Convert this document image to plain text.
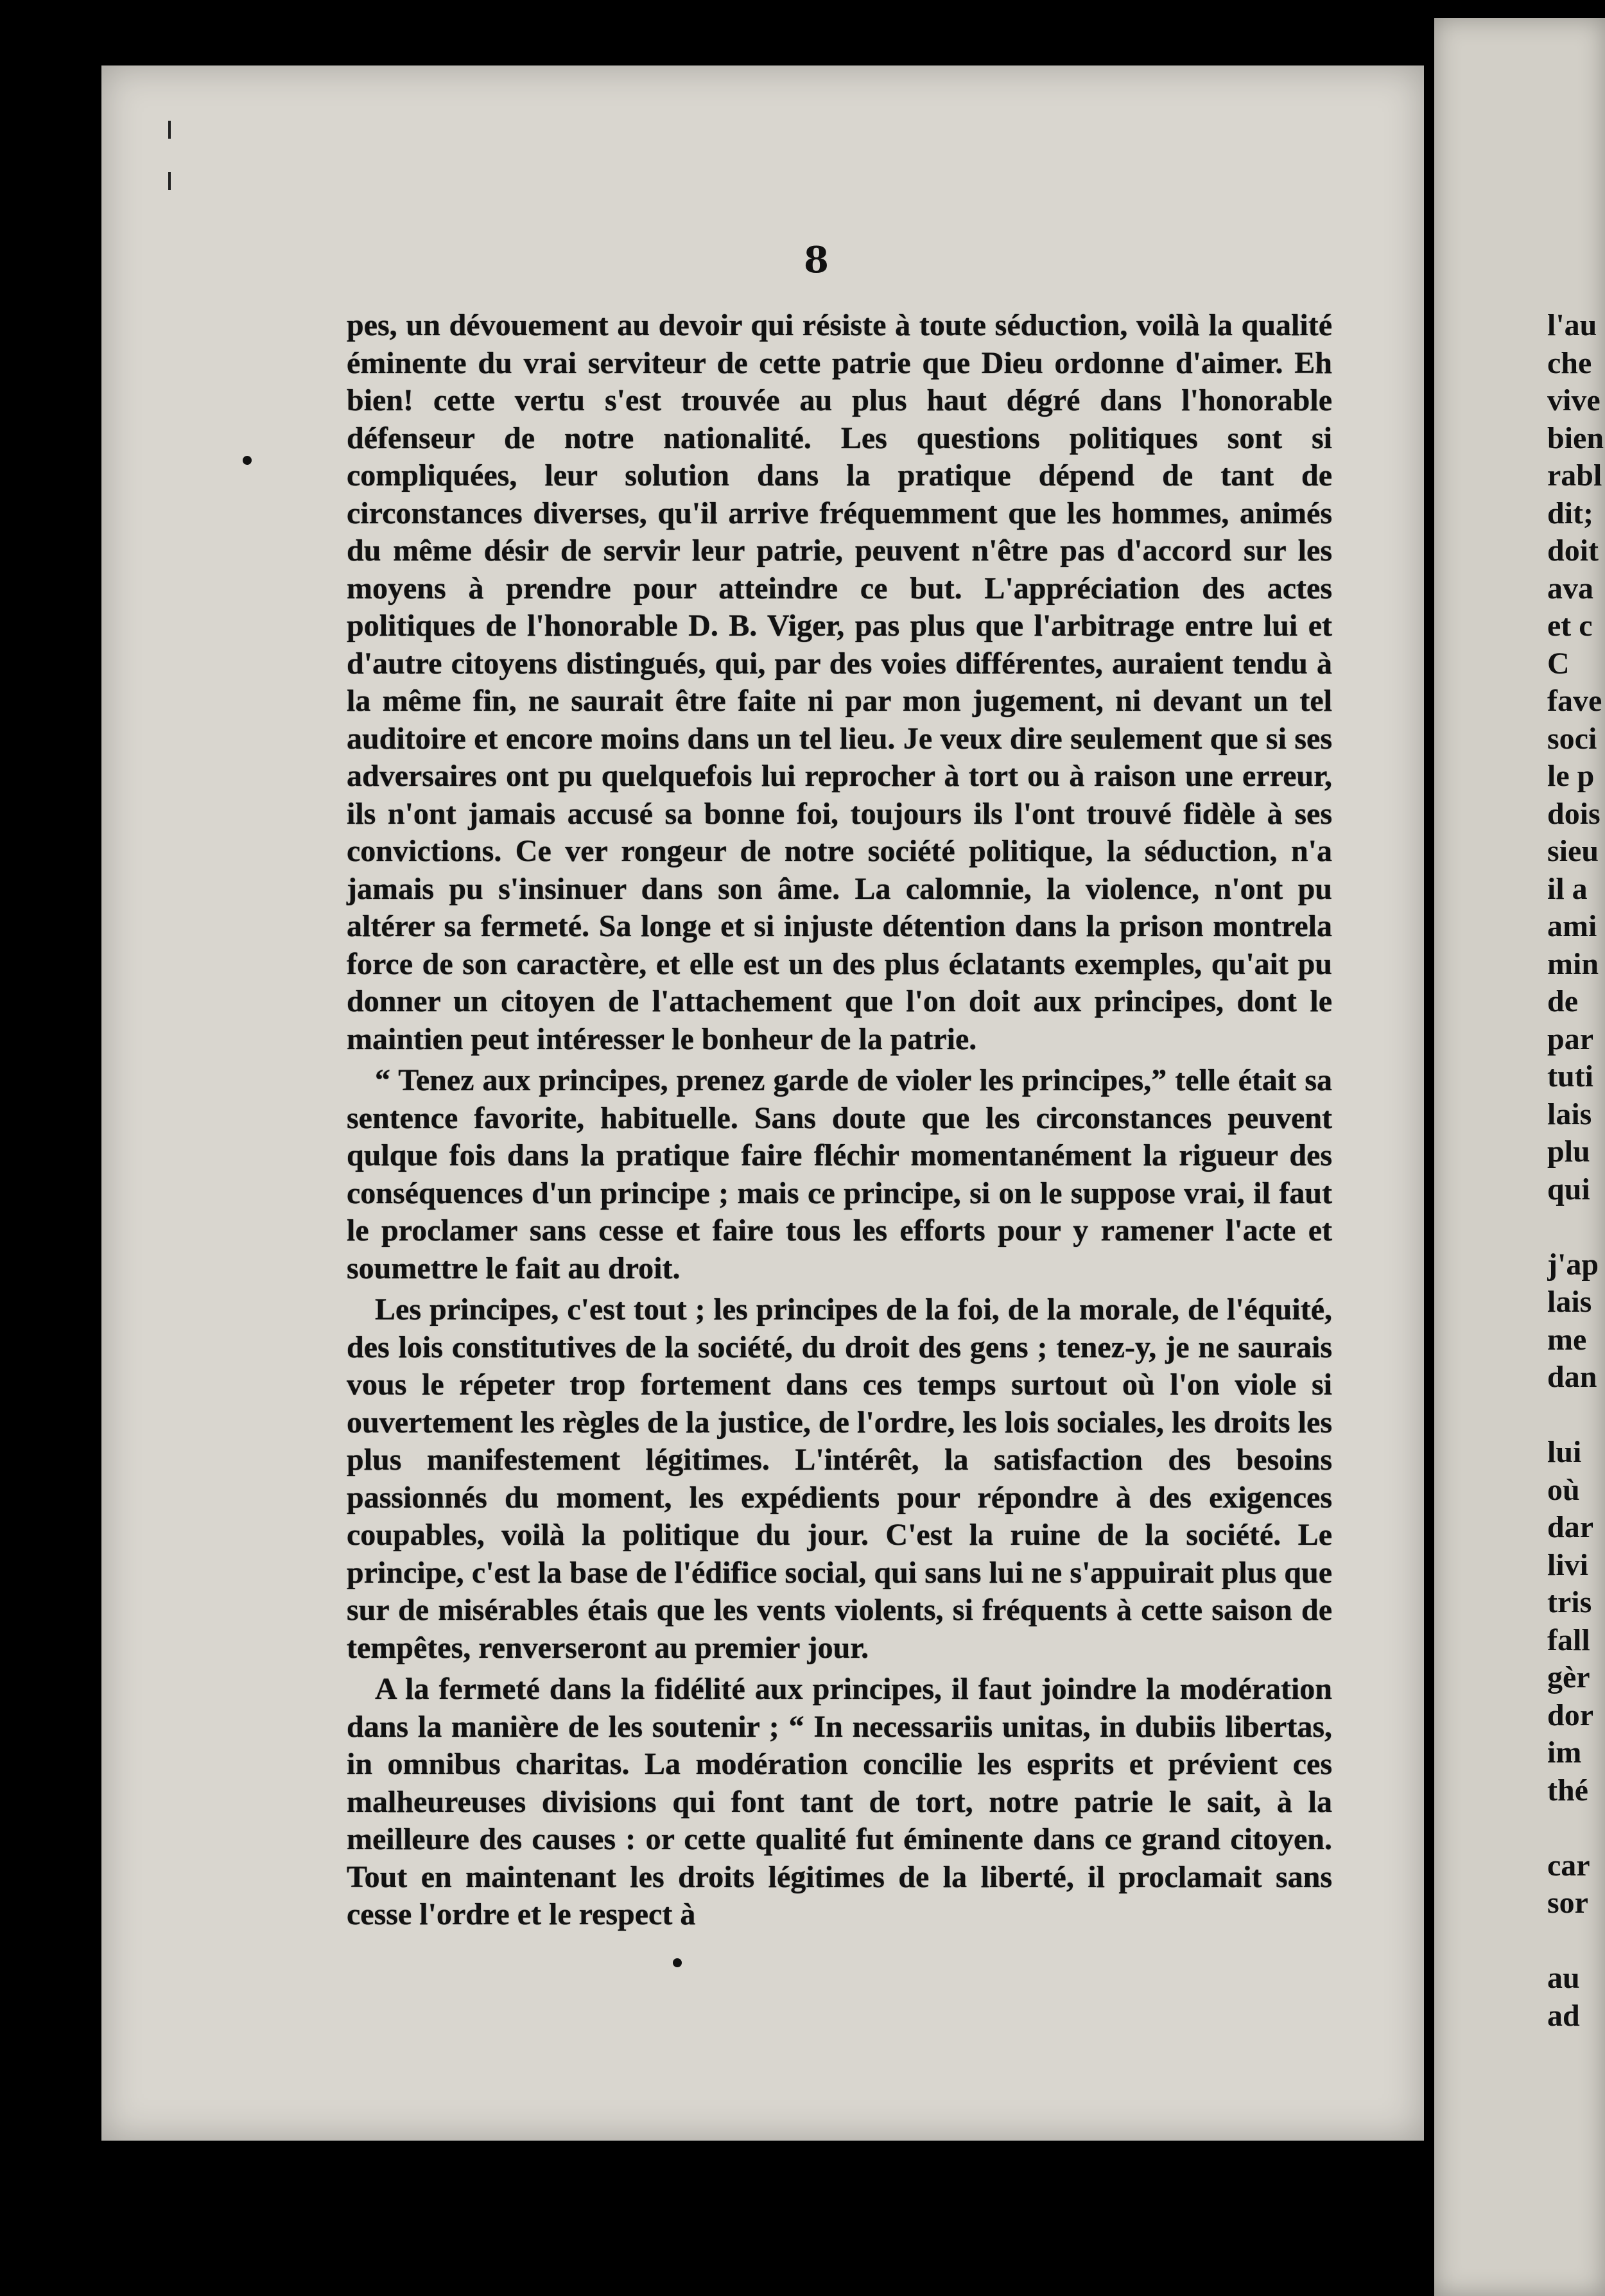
8

pes, un dévouement au devoir qui résiste à toute séduction, voilà la qualité éminente du vrai serviteur de cette patrie que Dieu ordonne d'aimer. Eh bien! cette vertu s'est trouvée au plus haut dégré dans l'honorable défenseur de notre nationalité. Les questions politiques sont si compliquées, leur solution dans la pratique dépend de tant de circonstances diverses, qu'il arrive fréquemment que les hommes, animés du même désir de servir leur patrie, peuvent n'être pas d'accord sur les moyens à prendre pour atteindre ce but. L'appréciation des actes politiques de l'honorable D. B. Viger, pas plus que l'arbitrage entre lui et d'autre citoyens distingués, qui, par des voies différentes, auraient tendu à la même fin, ne saurait être faite ni par mon jugement, ni devant un tel auditoire et encore moins dans un tel lieu. Je veux dire seulement que si ses adversaires ont pu quelquefois lui reprocher à tort ou à raison une erreur, ils n'ont jamais accusé sa bonne foi, toujours ils l'ont trouvé fidèle à ses convictions. Ce ver rongeur de notre société politique, la séduction, n'a jamais pu s'insinuer dans son âme. La calomnie, la violence, n'ont pu altérer sa fermeté. Sa longe et si injuste détention dans la prison montrela force de son caractère, et elle est un des plus éclatants exemples, qu'ait pu donner un citoyen de l'attachement que l'on doit aux principes, dont le maintien peut intéresser le bonheur de la patrie.

“ Tenez aux principes, prenez garde de violer les principes,” telle était sa sentence favorite, habituelle. Sans doute que les circonstances peuvent qulque fois dans la pratique faire fléchir momentanément la rigueur des conséquences d'un principe ; mais ce principe, si on le suppose vrai, il faut le proclamer sans cesse et faire tous les efforts pour y ramener l'acte et soumettre le fait au droit.

Les principes, c'est tout ; les principes de la foi, de la morale, de l'équité, des lois constitutives de la société, du droit des gens ; tenez-y, je ne saurais vous le répeter trop fortement dans ces temps surtout où l'on viole si ouvertement les règles de la justice, de l'ordre, les lois sociales, les droits les plus manifestement légitimes. L'intérêt, la satisfaction des besoins passionnés du moment, les expédients pour répondre à des exigences coupables, voilà la politique du jour. C'est la ruine de la société. Le principe, c'est la base de l'édifice social, qui sans lui ne s'appuirait plus que sur de misérables étais que les vents violents, si fréquents à cette saison de tempêtes, renverseront au premier jour.

A la fermeté dans la fidélité aux principes, il faut joindre la modération dans la manière de les soutenir ; “ In necessariis unitas, in dubiis libertas, in omnibus charitas. La modération concilie les esprits et prévient ces malheureuses divisions qui font tant de tort, notre patrie le sait, à la meilleure des causes : or cette qualité fut éminente dans ce grand citoyen. Tout en maintenant les droits légitimes de la liberté, il proclamait sans cesse l'ordre et le respect à

l'au
che
vive
bien
rabl
dit;
doit
ava
et c
C
fave
soci
le p
dois
sieu
il a
ami
min
de
par
tuti
lais
plu
qui
j'ap
lais
me
dan
lui
où
dar
livi
tris
fall
gèr
dor
im
thé
car
sor
au
ad
